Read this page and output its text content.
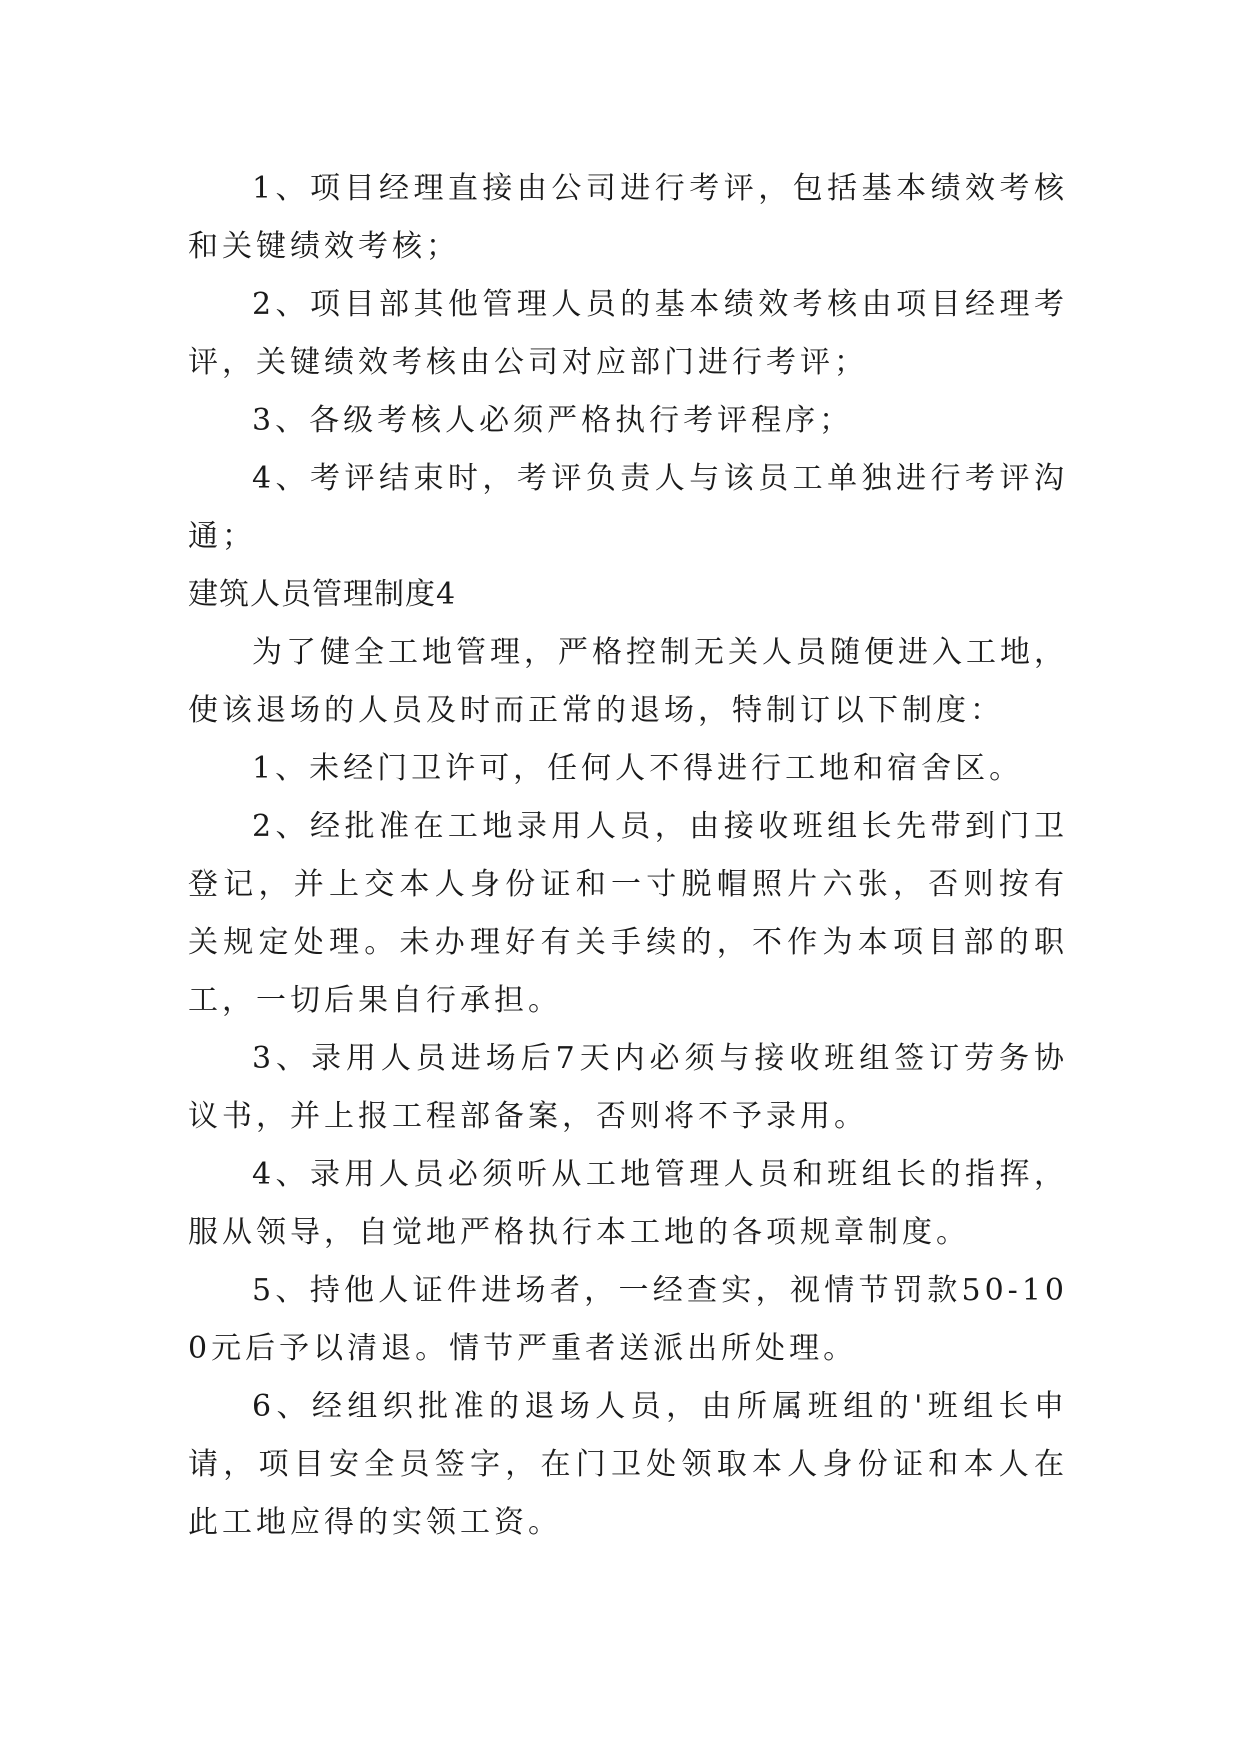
1、项目经理直接由公司进行考评，包括基本绩效考核和关键绩效考核；

2、项目部其他管理人员的基本绩效考核由项目经理考评，关键绩效考核由公司对应部门进行考评；

3、各级考核人必须严格执行考评程序；

4、考评结束时，考评负责人与该员工单独进行考评沟通；

建筑人员管理制度4

为了健全工地管理，严格控制无关人员随便进入工地，使该退场的人员及时而正常的退场，特制订以下制度：

1、未经门卫许可，任何人不得进行工地和宿舍区。

2、经批准在工地录用人员，由接收班组长先带到门卫登记，并上交本人身份证和一寸脱帽照片六张，否则按有关规定处理。未办理好有关手续的，不作为本项目部的职工，一切后果自行承担。

3、录用人员进场后7天内必须与接收班组签订劳务协议书，并上报工程部备案，否则将不予录用。

4、录用人员必须听从工地管理人员和班组长的指挥，服从领导，自觉地严格执行本工地的各项规章制度。

5、持他人证件进场者，一经查实，视情节罚款50-100元后予以清退。情节严重者送派出所处理。

6、经组织批准的退场人员，由所属班组的'班组长申请，项目安全员签字，在门卫处领取本人身份证和本人在此工地应得的实领工资。
